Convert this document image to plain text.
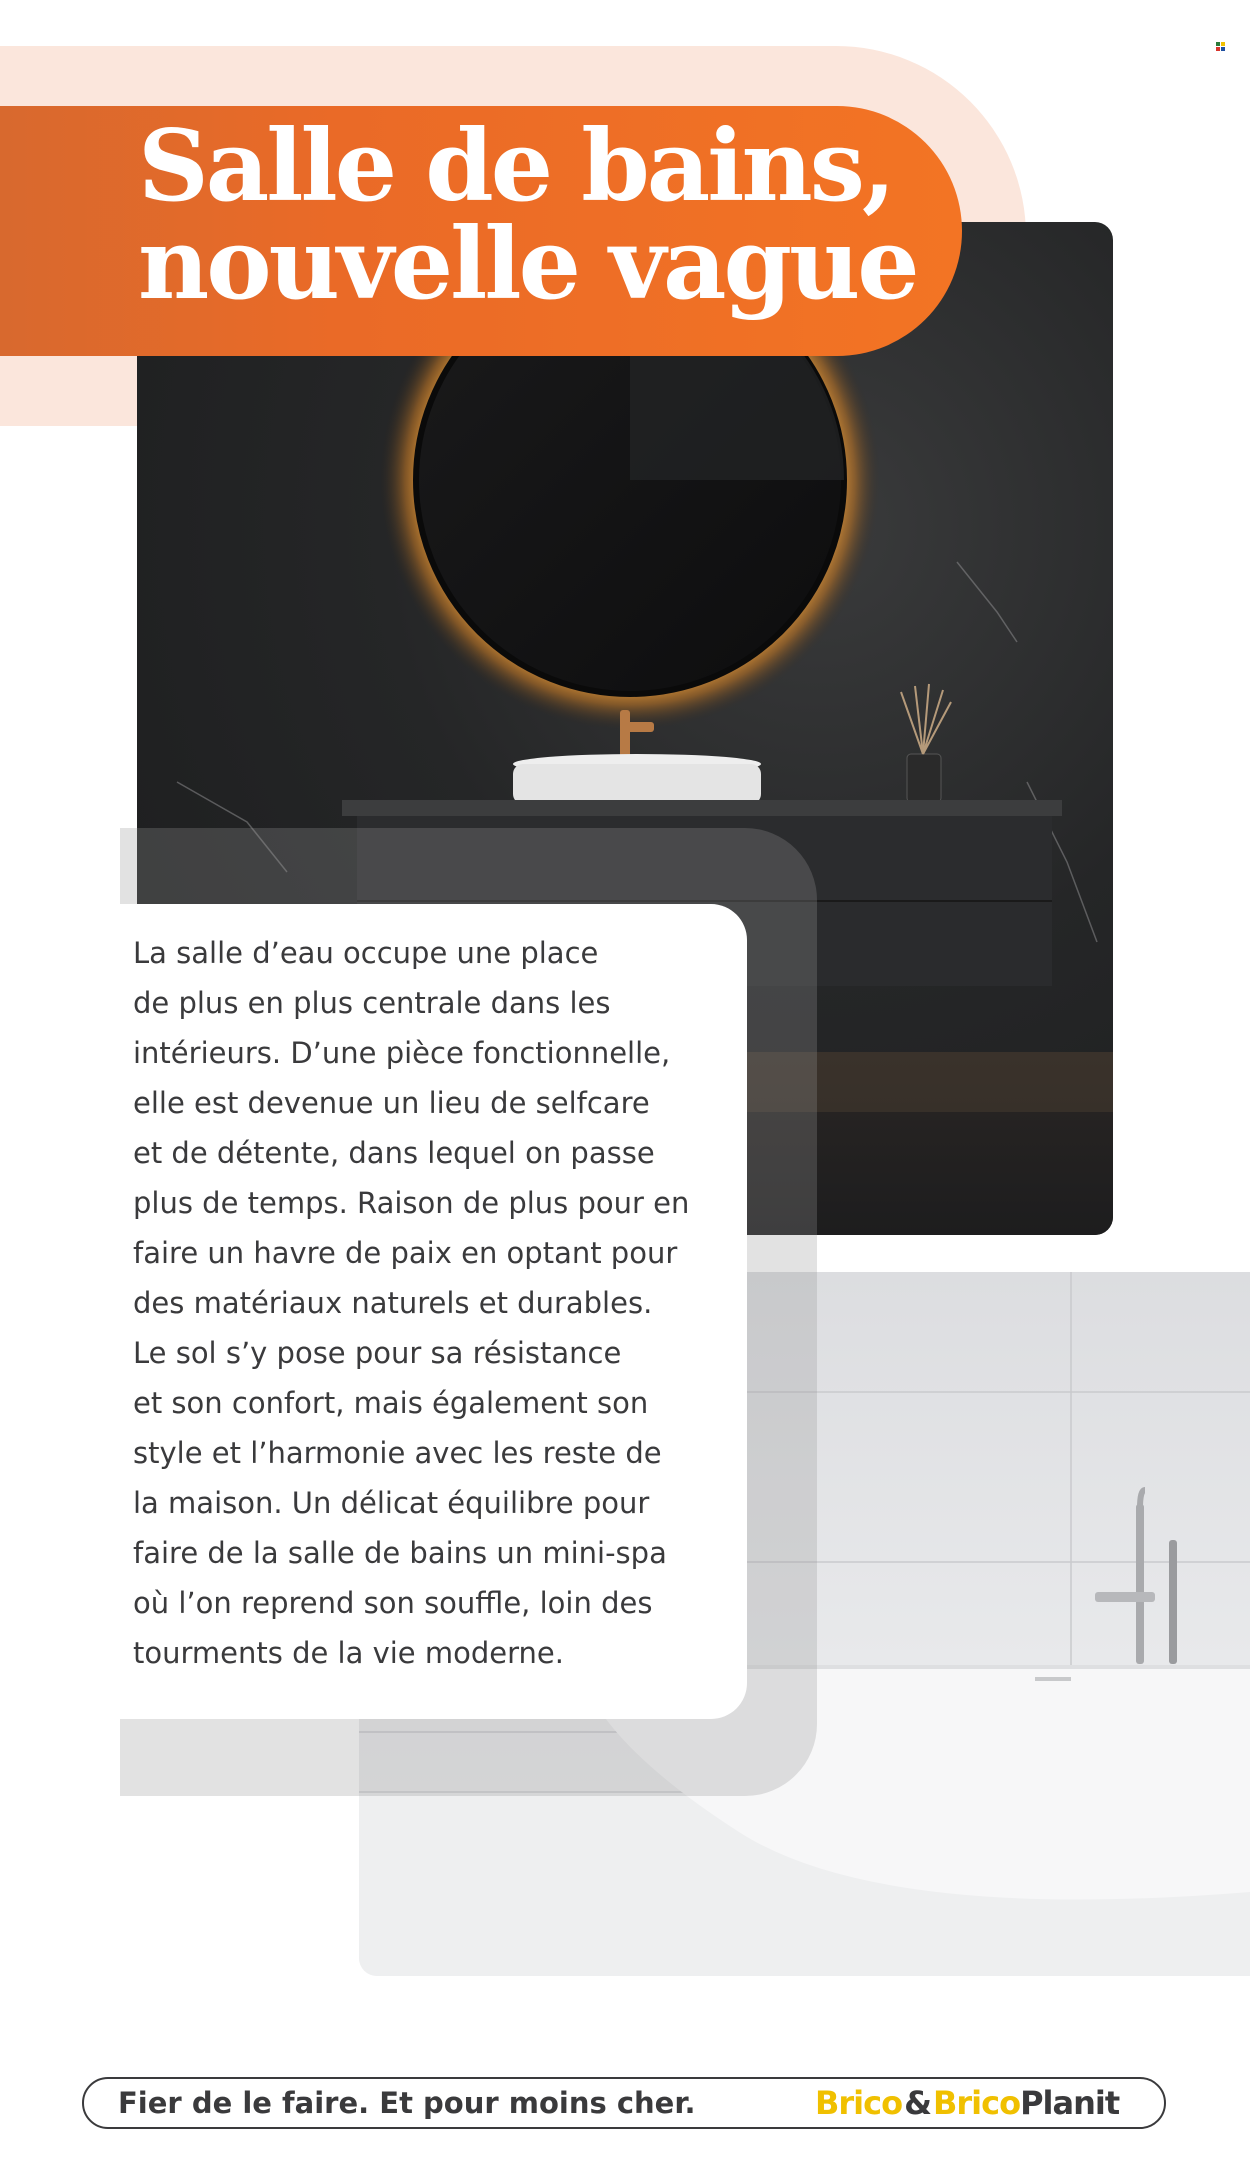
Salle de bains,
nouvelle vague

La salle d’eau occupe une place
de plus en plus centrale dans les
intérieurs. D’une pièce fonctionnelle,
elle est devenue un lieu de selfcare
et de détente, dans lequel on passe
plus de temps. Raison de plus pour en
faire un havre de paix en optant pour
des matériaux naturels et durables.
Le sol s’y pose pour sa résistance
et son confort, mais également son
style et l’harmonie avec les reste de
la maison. Un délicat équilibre pour
faire de la salle de bains un mini-spa
où l’on reprend son souffle, loin des
tourments de la vie moderne.

Fier de le faire. Et pour moins cher.	Brico&BricoPlanit
